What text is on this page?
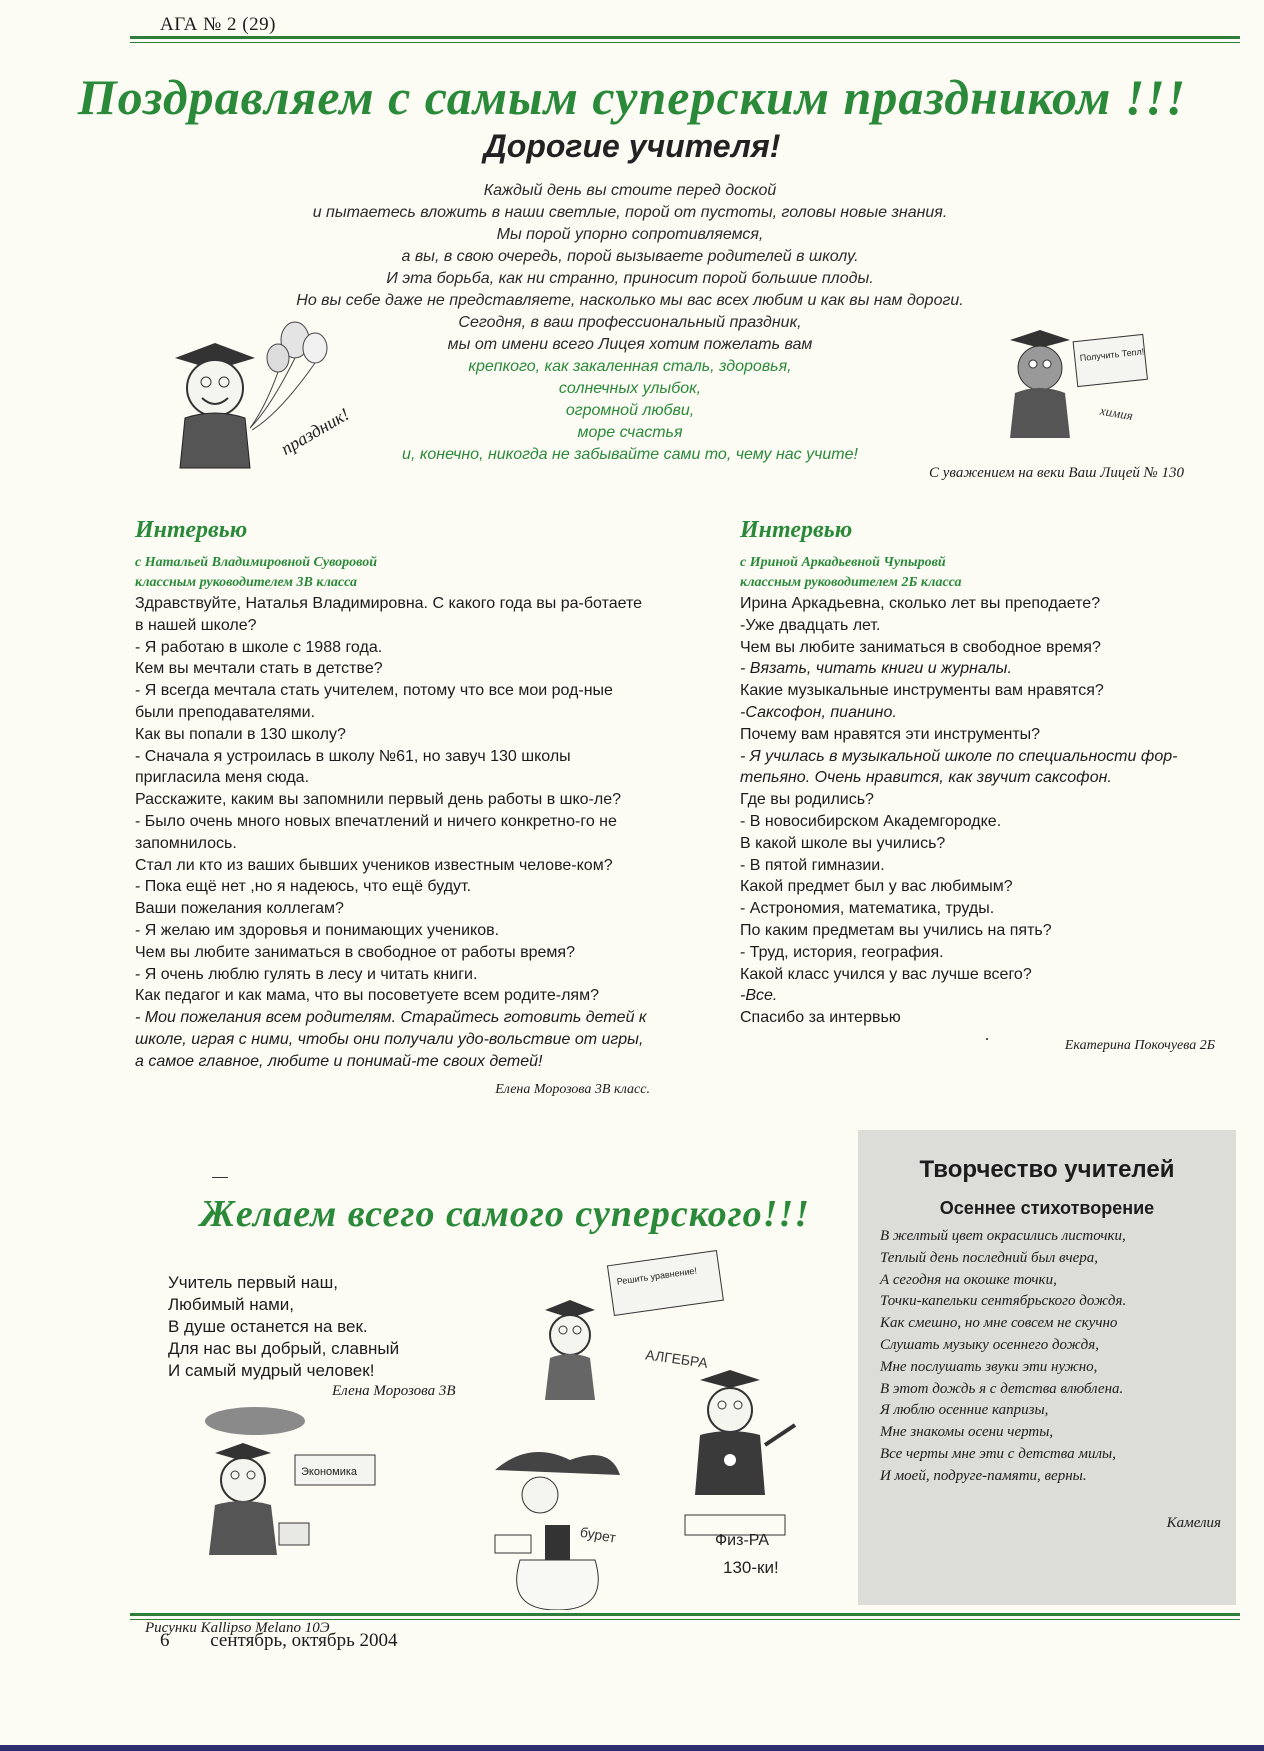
АГА № 2 (29)
Поздравляем с самым суперским праздником !!!
Дорогие учителя!
Каждый день вы стоите перед доской
и пытаетесь вложить в наши светлые, порой от пустоты, головы новые знания.
Мы порой упорно сопротивляемся,
а вы, в свою очередь, порой вызываете родителей в школу.
И эта борьба, как ни странно, приносит порой большие плоды.
Но вы себе даже не представляете, насколько мы вас всех любим и как вы нам дороги.
Сегодня, в ваш профессиональный праздник,
мы от имени всего Лицея хотим пожелать вам
крепкого, как закаленная сталь, здоровья,
солнечных улыбок,
огромной любви,
море счастья
и, конечно, никогда не забывайте сами то, чему нас учите!
С уважением на веки Ваш Лицей № 130
праздник!
Получить Тепл!
химия
Интервью
с Натальей Владимировной Суворовой
классным руководителем 3В класса
Здравствуйте, Наталья Владимировна. С какого года вы ра-ботаете в нашей школе?
- Я работаю в школе с 1988 года.
Кем вы мечтали стать в детстве?
- Я всегда мечтала стать учителем, потому что все мои род-ные были преподавателями.
Как вы попали в 130 школу?
- Сначала я устроилась в школу №61, но завуч 130 школы пригласила меня сюда.
Расскажите, каким вы запомнили первый день работы в шко-ле?
- Было очень много новых впечатлений и ничего конкретно-го не запомнилось.
Стал ли кто из ваших бывших учеников известным челове-ком?
- Пока ещё нет ,но я надеюсь, что ещё будут.
Ваши пожелания коллегам?
- Я желаю им здоровья и понимающих учеников.
Чем вы любите заниматься в свободное от работы время?
- Я очень люблю гулять в лесу и читать книги.
Как педагог и как мама, что вы посоветуете всем родите-лям?
- Мои пожелания всем родителям. Старайтесь готовить детей к школе, играя с ними, чтобы они получали удо-вольствие от игры, а самое главное, любите и понимай-те своих детей!
Елена Морозова 3В класс.
Интервью
с Ириной Аркадьевной Чупыровй
классным руководителем 2Б класса
Ирина Аркадьевна, сколько лет вы преподаете?
-Уже двадцать лет.
Чем вы любите заниматься в свободное время?
- Вязать, читать книги и журналы.
Какие музыкальные инструменты вам нравятся?
-Саксофон, пианино.
Почему вам нравятся эти инструменты?
- Я училась в музыкальной школе по специальности фор-тепьяно. Очень нравится, как звучит саксофон.
Где вы родились?
- В новосибирском Академгородке.
В какой школе вы учились?
- В пятой гимназии.
Какой предмет был у вас любимым?
- Астрономия, математика, труды.
По каким предметам вы учились на пять?
- Труд, история, география.
Какой класс учился у вас лучше всего?
-Все.
Спасибо за интервью
Екатерина Покочуева 2Б
Желаем всего самого суперского!!!
Учитель первый наш,
Любимый нами,
В душе останется на век.
Для нас вы добрый, славный
И самый мудрый человек!
Елена Морозова 3В
Решить уравнение!
АЛГЕБРА
Экономика
бурет	Физ-РА
130-ки!
Рисунки Kallipso Melano 10Э
Творчество учителей
Осеннее стихотворение
В желтый цвет окрасились листочки,
Теплый день последний был вчера,
А сегодня на окошке точки,
Точки-капельки сентябрьского дождя.
Как смешно, но мне совсем не скучно
Слушать музыку осеннего дождя,
Мне послушать звуки эти нужно,
В этот дождь я с детства влюблена.
Я люблю осенние капризы,
Мне знакомы осени черты,
Все черты мне эти с детства милы,
И моей, подруге-памяти, верны.
Камелия
6 сентябрь, октябрь 2004
